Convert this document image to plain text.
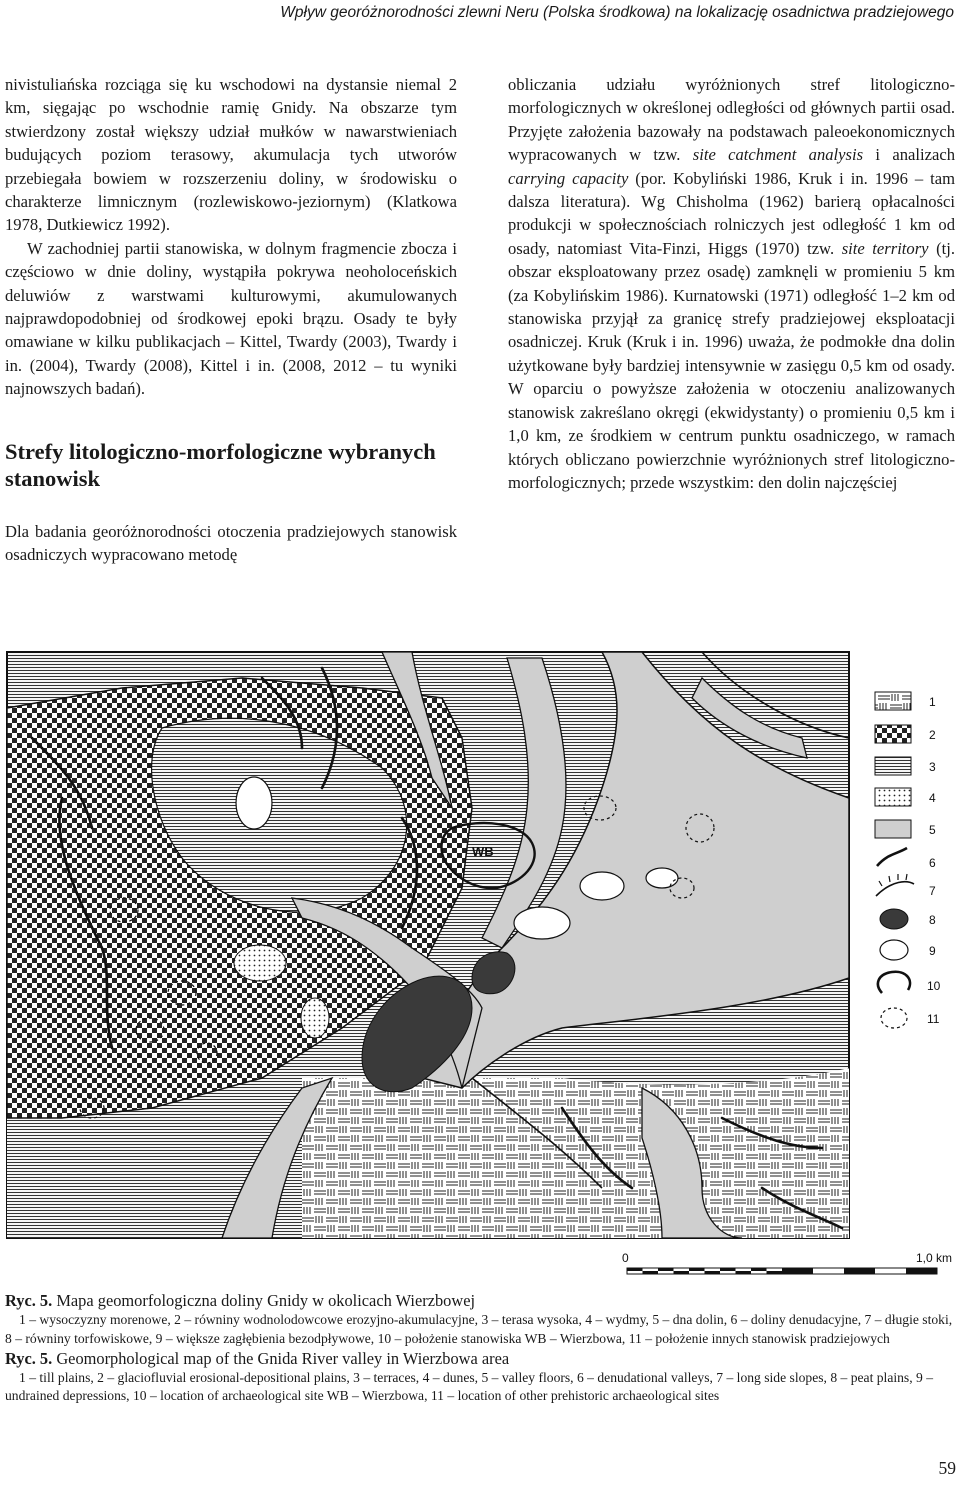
Wpływ georóżnorodności zlewni Neru (Polska środkowa) na lokalizację osadnictwa pradziejowego

nivistuliańska rozciąga się ku wschodowi na dystansie niemal 2 km, sięgając po wschodnie ramię Gnidy. Na obszarze tym stwierdzony został większy udział mułków w nawarstwieniach budujących poziom terasowy, akumulacja tych utworów przebiegała bowiem w rozszerzeniu doliny, w środowisku o charakterze limnicznym (rozlewiskowo-jeziornym) (Klatkowa 1978, Dutkiewicz 1992).

W zachodniej partii stanowiska, w dolnym fragmencie zbocza i częściowo w dnie doliny, wystąpiła pokrywa neoholoceńskich deluwiów z warstwami kulturowymi, akumulowanych najprawdopodobniej od środkowej epoki brązu. Osady te były omawiane w kilku publikacjach – Kittel, Twardy (2003), Twardy i in. (2004), Twardy (2008), Kittel i in. (2008, 2012 – tu wyniki najnowszych badań).

Strefy litologiczno-morfologiczne wybranych stanowisk

Dla badania georóżnorodności otoczenia pradziejowych stanowisk osadniczych wypracowano metodę

obliczania udziału wyróżnionych stref litologiczno-morfologicznych w określonej odległości od głównych partii osad. Przyjęte założenia bazowały na podstawach paleoekonomicznych wypracowanych w tzw. site catchment analysis i analizach carrying capacity (por. Kobyliński 1986, Kruk i in. 1996 – tam dalsza literatura). Wg Chisholma (1962) barierą opłacalności produkcji w społecznościach rolniczych jest odległość 1 km od osady, natomiast Vita-Finzi, Higgs (1970) tzw. site territory (tj. obszar eksploatowany przez osadę) zamknęli w promieniu 5 km (za Kobylińskim 1986). Kurnatowski (1971) odległość 1–2 km od stanowiska przyjął za granicę strefy pradziejowej eksploatacji osadniczej. Kruk (Kruk i in. 1996) uważa, że podmokłe dna dolin użytkowane były bardziej intensywnie w zasięgu 0,5 km od osady. W oparciu o powyższe założenia w otoczeniu analizowanych stanowisk zakreślano okręgi (ekwidystanty) o promieniu 0,5 km i 1,0 km, ze środkiem w centrum punktu osadniczego, w ramach których obliczano powierzchnie wyróżnionych stref litologiczno-morfologicznych; przede wszystkim: den dolin najczęściej

WB
1
2
3
4
5
6
7
8
9
10
11
0	1,0 km
Ryc. 5. Mapa geomorfologiczna doliny Gnidy w okolicach Wierzbowej
1 – wysoczyzny morenowe, 2 – równiny wodnolodowcowe erozyjno-akumulacyjne, 3 – terasa wysoka, 4 – wydmy, 5 – dna dolin, 6 – doliny denudacyjne, 7 – długie stoki, 8 – równiny torfowiskowe, 9 – większe zagłębienia bezodpływowe, 10 – położenie stanowiska WB – Wierzbowa, 11 – położenie innych stanowisk pradziejowych
Ryc. 5. Geomorphological map of the Gnida River valley in Wierzbowa area
1 – till plains, 2 – glaciofluvial erosional-depositional plains, 3 – terraces, 4 – dunes, 5 – valley floors, 6 – denudational valleys, 7 – long side slopes, 8 – peat plains, 9 – undrained depressions, 10 – location of archaeological site WB – Wierzbowa, 11 – location of other prehistoric archaeological sites
59
